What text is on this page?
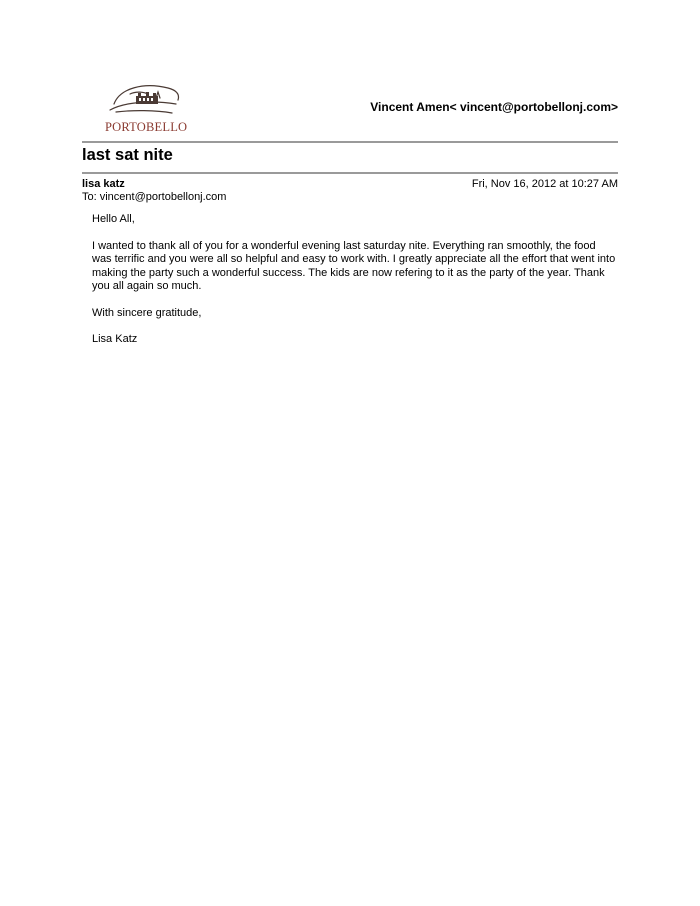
PORTOBELLO
Vincent Amen< vincent@portobellonj.com>
last sat nite
lisa katz	Fri, Nov 16, 2012 at 10:27 AM
To: vincent@portobellonj.com

Hello All,

I wanted to thank all of you for a wonderful evening last saturday nite. Everything ran smoothly, the food was terrific and you were all so helpful and easy to work with. I greatly appreciate all the effort that went into making the party such a wonderful success. The kids are now refering to it as the party of the year. Thank you all again so much.

With sincere gratitude,

Lisa Katz
